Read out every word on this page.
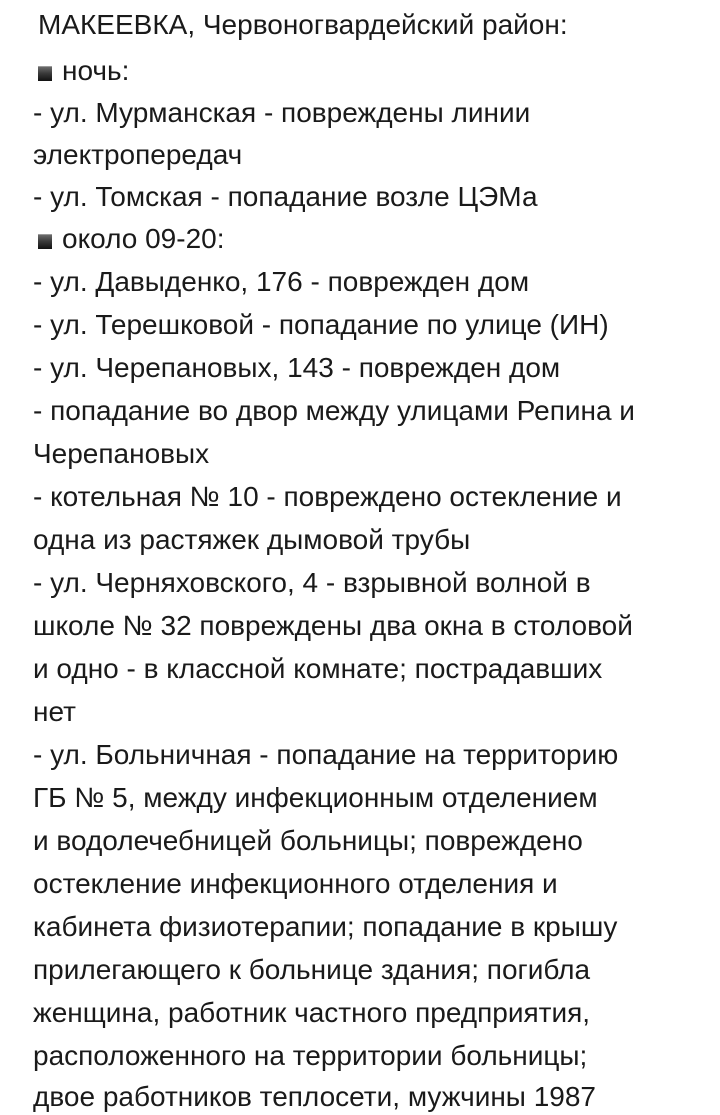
МАКЕЕВКА, Червоногвардейский район:
ночь:
- ул. Мурманская - повреждены линии
электропередач
- ул. Томская - попадание возле ЦЭМа
около 09-20:
- ул. Давыденко, 176 - поврежден дом
- ул. Терешковой - попадание по улице (ИН)
- ул. Черепановых, 143 - поврежден дом
- попадание во двор между улицами Репина и
Черепановых
- котельная № 10 - повреждено остекление и
одна из растяжек дымовой трубы
- ул. Черняховского, 4 - взрывной волной в
школе № 32 повреждены два окна в столовой
и одно - в классной комнате; пострадавших
нет
- ул. Больничная - попадание на территорию
ГБ № 5, между инфекционным отделением
и водолечебницей больницы; повреждено
остекление инфекционного отделения и
кабинета физиотерапии; попадание в крышу
прилегающего к больнице здания; погибла
женщина, работник частного предприятия,
расположенного на территории больницы;
двое работников теплосети, мужчины 1987
